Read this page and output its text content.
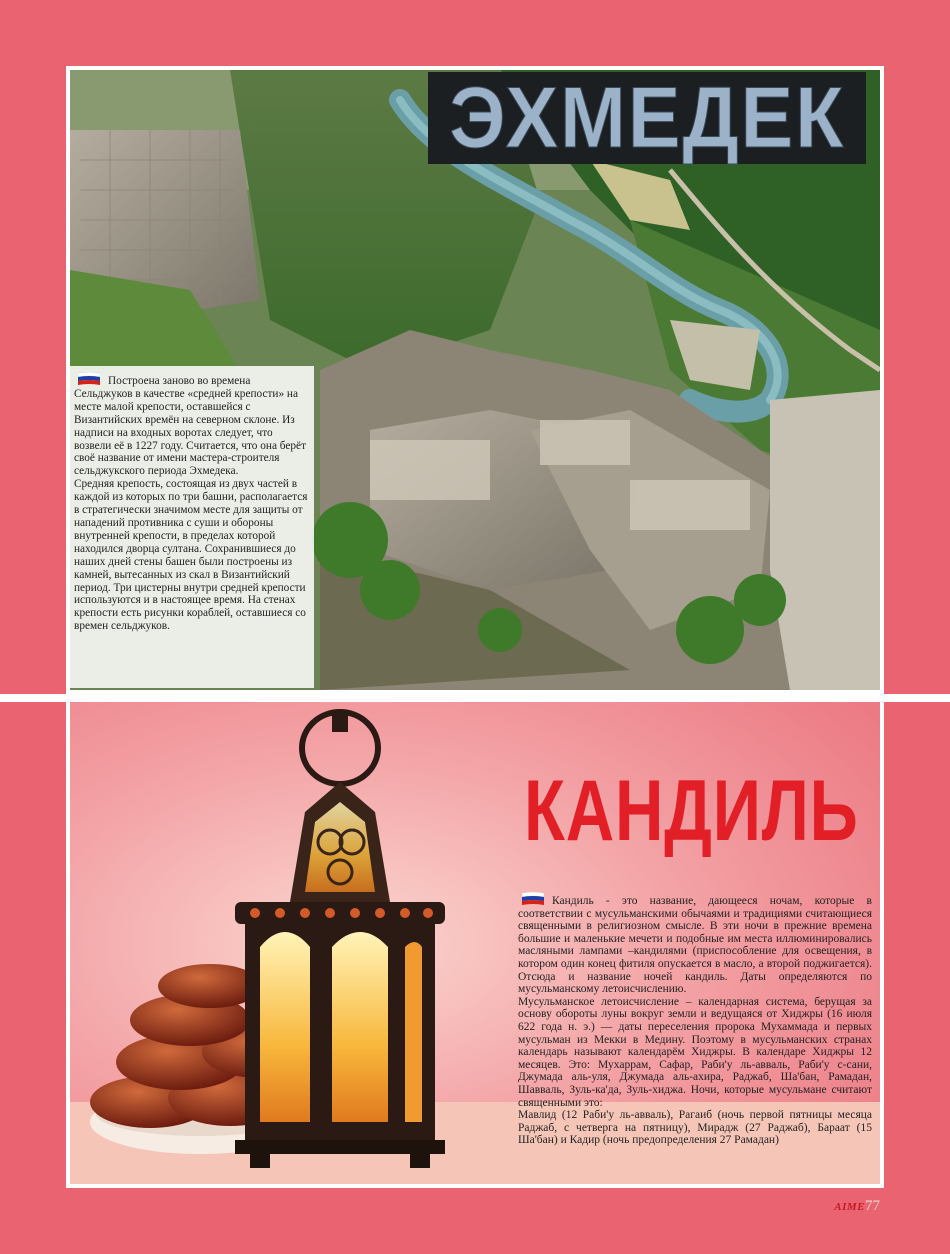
ЭХМЕДЕК

Построена заново во времена Сельджуков в качестве «средней крепости» на месте малой крепости, оставшейся с Византийских времён на северном склоне. Из надписи на входных воротах следует, что возвели её в 1227 году. Считается, что она берёт своё название от имени мастера-строителя сельджукского периода Эхмедека.

Средняя крепость, состоящая из двух частей в каждой из которых по три башни, располагается в стратегически значимом месте для защиты от нападений противника с суши и обороны внутренней крепости, в пределах которой находился дворца султана. Сохранившиеся до наших дней стены башен были построены из камней, вытесанных из скал в Византийский период. Три цистерны внутри средней крепости используются и в настоящее время. На стенах крепости есть рисунки кораблей, оставшиеся со времен сельджуков.

КАНДИЛЬ

Кандиль - это название, дающееся ночам, которые в соответствии с мусульманскими обычаями и традициями считающиеся священными в религиозном смысле. В эти ночи в прежние времена большие и маленькие мечети и подобные им места иллюминировались масляными лампами –кандилями (приспособление для освещения, в котором один конец фитиля опускается в масло, а второй поджигается). Отсюда и название ночей кандиль. Даты определяются по мусульманскому летоисчислению.

Мусульманское летоисчисление – календарная система, берущая за основу обороты луны вокруг земли и ведущаяся от Хиджры (16 июля 622 года н. э.) — даты переселения пророка Мухаммада и первых мусульман из Мекки в Медину. Поэтому в мусульманских странах календарь называют календарём Хиджры. В календаре Хиджры 12 месяцев. Это: Мухаррам, Сафар, Раби'у ль-авваль, Раби'у с-сани, Джумада аль-уля, Джумада аль-ахира, Раджаб, Ша'бан, Рамадан, Шавваль, Зуль-ка'да, Зуль-хиджа. Ночи, которые мусульмане считают священными это:

Мавлид (12 Раби'у ль-авваль), Рагаиб (ночь первой пятницы месяца Раджаб, с четверга на пятницу), Мирадж (27 Раджаб), Бараат (15 Ша'бан) и Кадир (ночь предопределения 27 Рамадан)

AIME77
